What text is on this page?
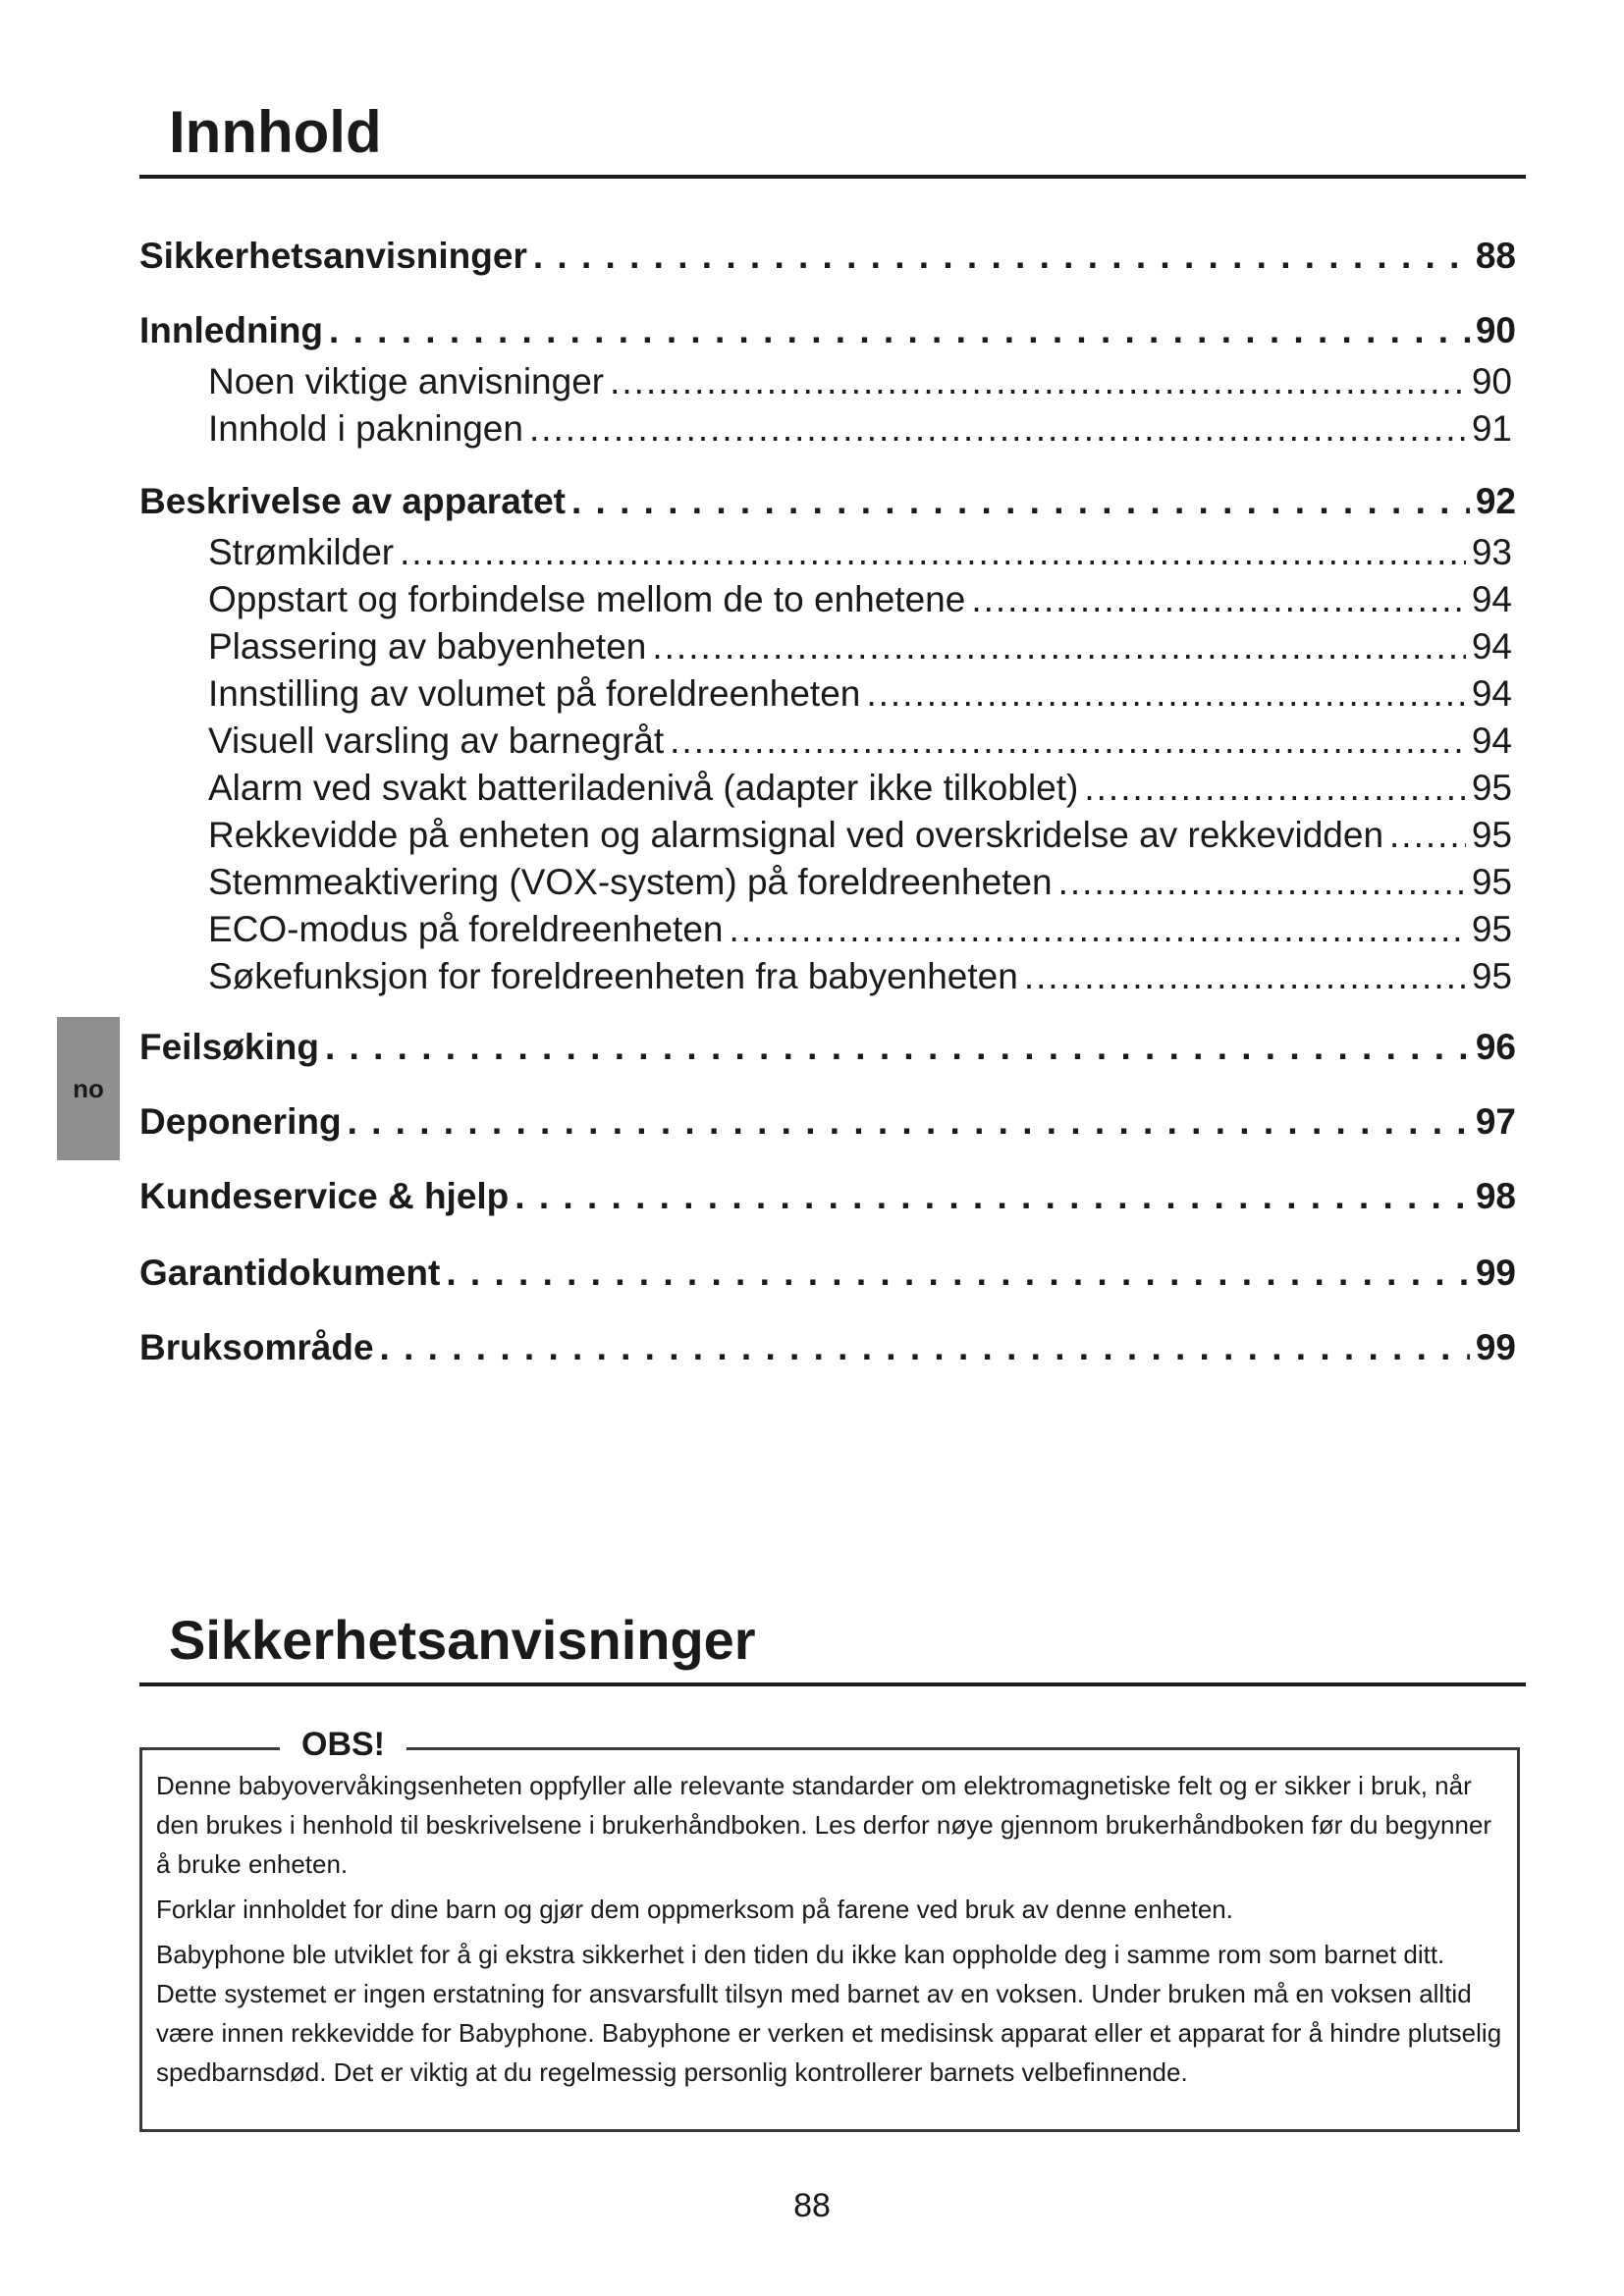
Innhold
Sikkerhetsanvisninger . . .	88
Innledning . . .	90
Noen viktige anvisninger .....	90
Innhold i pakningen .....	91
Beskrivelse av apparatet . . .	92
Strømkilder .....	93
Oppstart og forbindelse mellom de to enhetene .....	94
Plassering av babyenheten .....	94
Innstilling av volumet på foreldreenheten .....	94
Visuell varsling av barnegråt .....	94
Alarm ved svakt batteriladenivå (adapter ikke tilkoblet) .....	95
Rekkevidde på enheten og alarmsignal ved overskridelse av rekkevidden ..... 95
Stemmeaktivering (VOX-system) på foreldreenheten .....	95
ECO-modus på foreldreenheten .....	95
Søkefunksjon for foreldreenheten fra babyenheten .....	95
Feilsøking . . .	96
Deponering . . .	97
Kundeservice & hjelp . . .	98
Garantidokument . . .	99
Bruksområde . . .	99
no
Sikkerhetsanvisninger
OBS!

Denne babyovervåkingsenheten oppfyller alle relevante standarder om elektromagnetiske felt og er sikker i bruk, når den brukes i henhold til beskrivelsene i brukerhåndboken. Les derfor nøye gjennom brukerhåndboken før du begynner å bruke enheten.

Forklar innholdet for dine barn og gjør dem oppmerksom på farene ved bruk av denne enheten.

Babyphone ble utviklet for å gi ekstra sikkerhet i den tiden du ikke kan oppholde deg i samme rom som barnet ditt. Dette systemet er ingen erstatning for ansvarsfullt tilsyn med barnet av en voksen. Under bruken må en voksen alltid være innen rekkevidde for Babyphone. Babyphone er verken et medisinsk apparat eller et apparat for å hindre plutselig spedbarnsdød. Det er viktig at du regelmessig personlig kontrollerer barnets velbefinnende.

88
